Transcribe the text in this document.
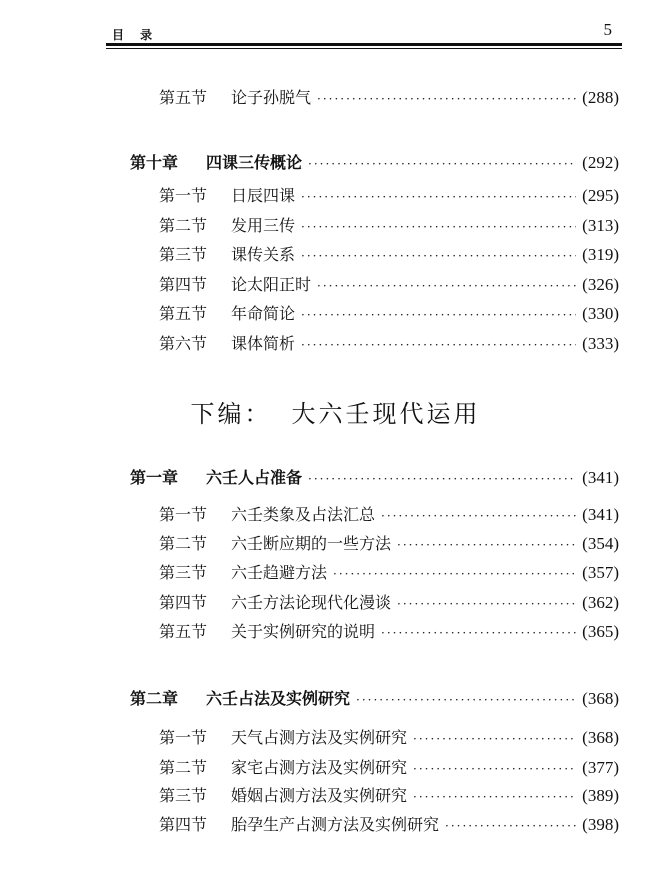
目 录	5
第五节	论子孙脱气 ·····	(288)
第十章	四课三传概论 ·····	(292)
第一节	日辰四课 ·····	(295)
第二节	发用三传 ·····	(313)
第三节	课传关系 ·····	(319)
第四节	论太阳正时 ·····	(326)
第五节	年命简论 ·····	(330)
第六节	课体简析 ·····	(333)
下编： 大六壬现代运用
第一章	六壬人占准备 ·····	(341)
第一节	六壬类象及占法汇总 ·····	(341)
第二节	六壬断应期的一些方法 ·····	(354)
第三节	六壬趋避方法 ·····	(357)
第四节	六壬方法论现代化漫谈 ·····	(362)
第五节	关于实例研究的说明 ·····	(365)
第二章	六壬占法及实例研究 ·····	(368)
第一节	天气占测方法及实例研究 ·····	(368)
第二节	家宅占测方法及实例研究 ·····	(377)
第三节	婚姻占测方法及实例研究 ·····	(389)
第四节	胎孕生产占测方法及实例研究 ·····	(398)
